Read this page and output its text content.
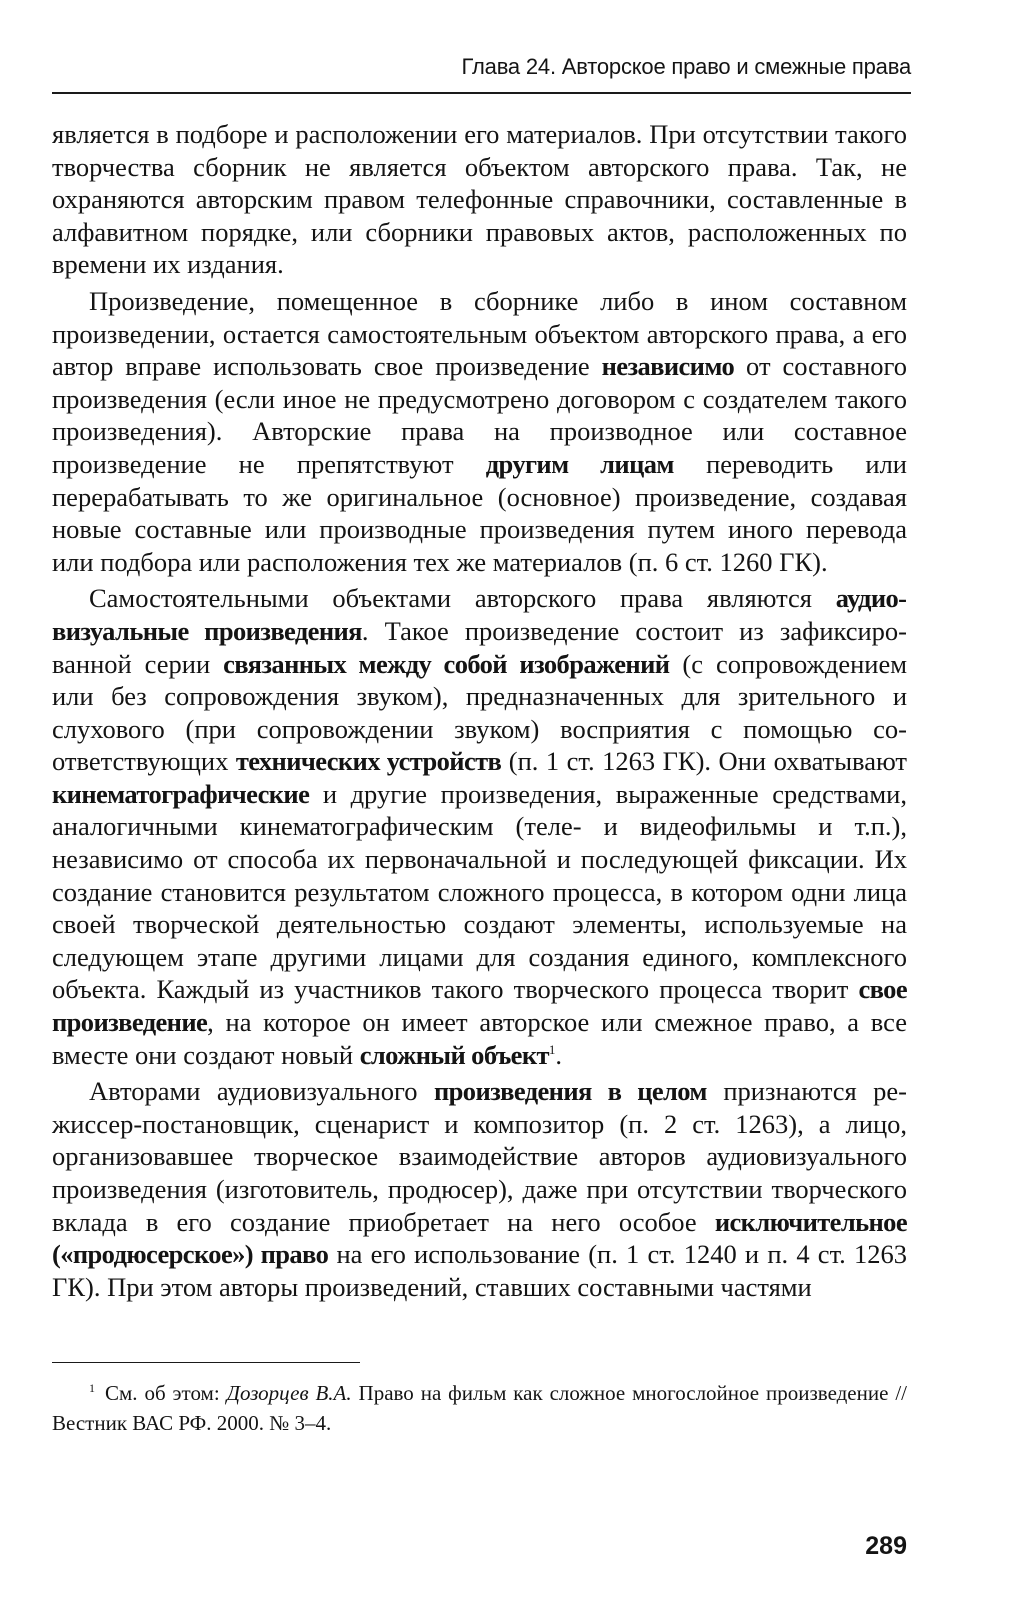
Глава 24. Авторское право и смежные права

является в подборе и расположении его материалов. При отсутствии такого творчества сборник не является объектом авторского права. Так, не охраняются авторским правом телефонные справочники, составленные в алфавитном порядке, или сборники правовых актов, расположенных по времени их издания.

Произведение, помещенное в сборнике либо в ином составном произведении, остается самостоятельным объектом авторского права, а его автор вправе использовать свое произведение независимо от составного произведения (если иное не предусмотрено договором с создателем такого произведения). Авторские права на производное или составное произведение не препятствуют другим лицам переводить или перерабатывать то же оригинальное (основное) произведение, создавая новые составные или производные произведения путем иного перевода или подбора или расположения тех же материалов (п. 6 ст. 1260 ГК).

Самостоятельными объектами авторского права являются аудиовизуальные произведения. Такое произведение состоит из зафиксированной серии связанных между собой изображений (с сопровождением или без сопровождения звуком), предназначенных для зрительного и слухового (при сопровождении звуком) восприятия с помощью соответствующих технических устройств (п. 1 ст. 1263 ГК). Они охватывают кинематографические и другие произведения, выраженные средствами, аналогичными кинематографическим (теле- и видеофильмы и т.п.), независимо от способа их первоначальной и последующей фиксации. Их создание становится результатом сложного процесса, в котором одни лица своей творческой деятельностью создают элементы, используемые на следующем этапе другими лицами для создания единого, комплексного объекта. Каждый из участников такого творческого процесса творит свое произведение, на которое он имеет авторское или смежное право, а все вместе они создают новый сложный объект$^1$.

Авторами аудиовизуального произведения в целом признаются режиссер-постановщик, сценарист и композитор (п. 2 ст. 1263), а лицо, организовавшее творческое взаимодействие авторов аудиовизуального произведения (изготовитель, продюсер), даже при отсутствии творческого вклада в его создание приобретает на него особое исключительное («продюсерское») право на его использование (п. 1 ст. 1240 и п. 4 ст. 1263 ГК). При этом авторы произведений, ставших составными частями

$^1$ См. об этом: Дозорцев В.А. Право на фильм как сложное многослойное произведение // Вестник ВАС РФ. 2000. № 3–4.
289
